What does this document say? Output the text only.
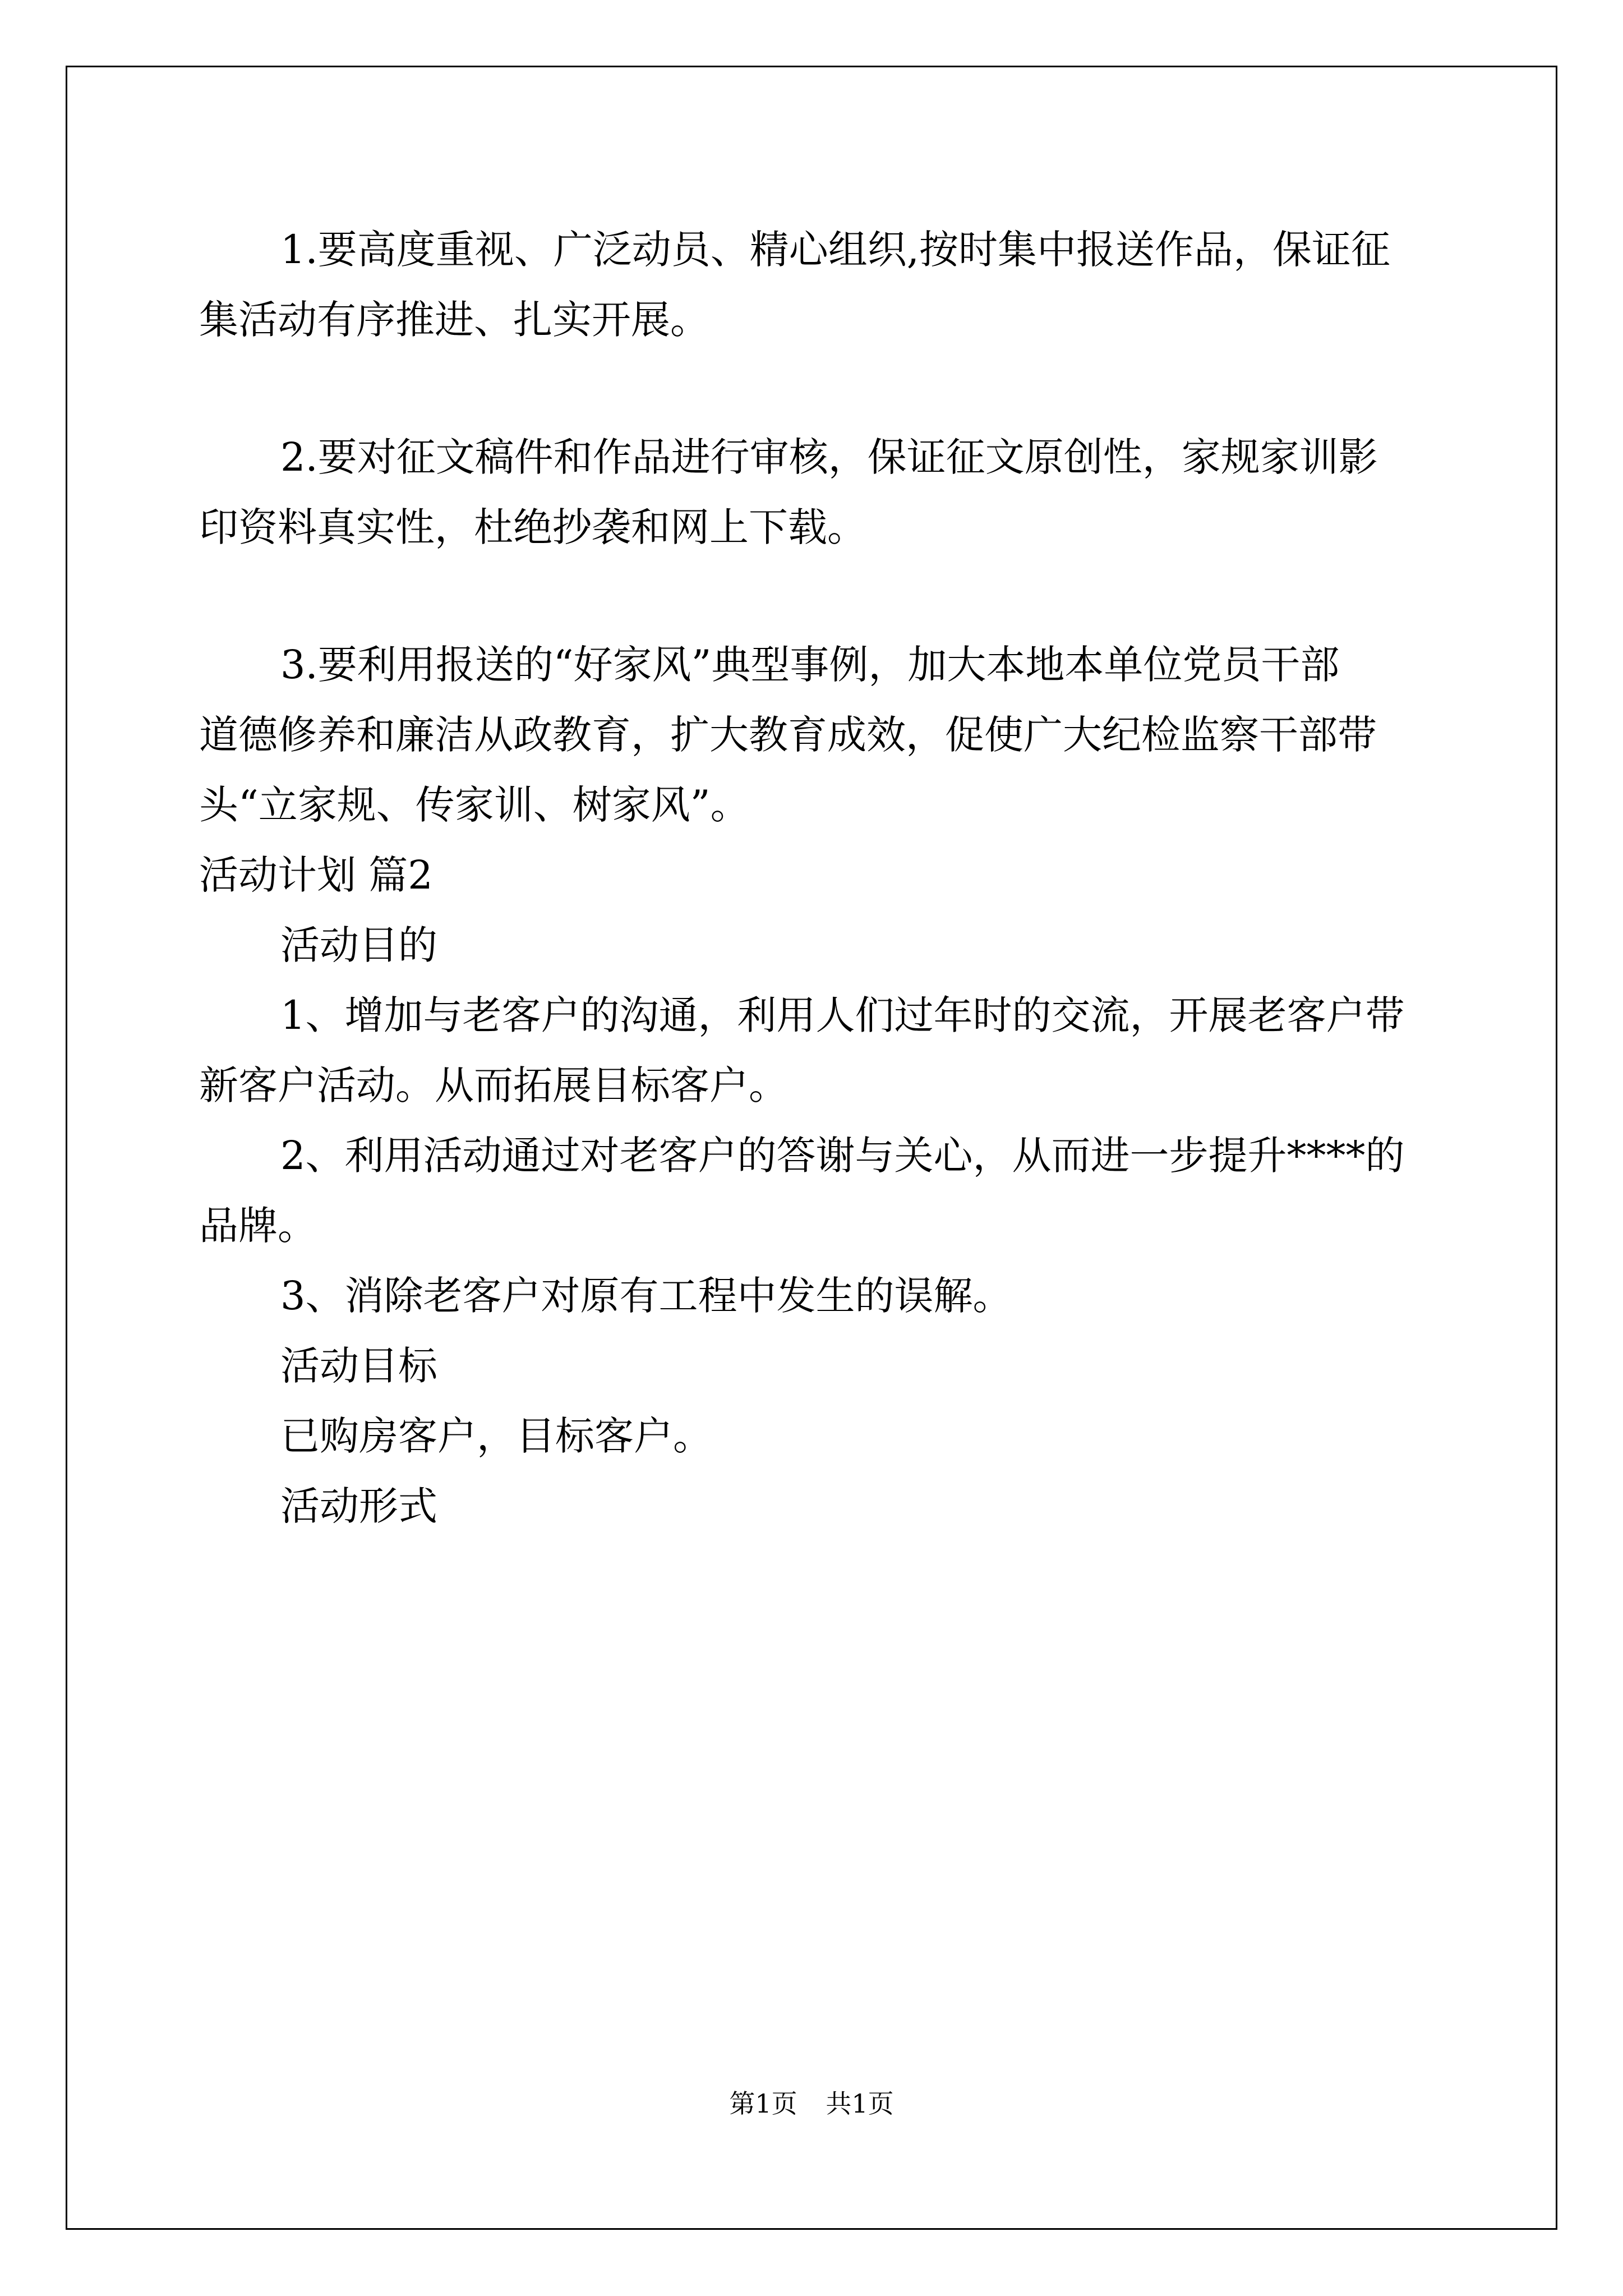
1.要高度重视、广泛动员、精心组织,按时集中报送作品，保证征
集活动有序推进、扎实开展。
2.要对征文稿件和作品进行审核，保证征文原创性，家规家训影
印资料真实性，杜绝抄袭和网上下载。
3.要利用报送的“好家风”典型事例，加大本地本单位党员干部
道德修养和廉洁从政教育，扩大教育成效，促使广大纪检监察干部带
头“立家规、传家训、树家风”。
活动计划 篇2
活动目的
1、增加与老客户的沟通，利用人们过年时的交流，开展老客户带
新客户活动。从而拓展目标客户。
2、利用活动通过对老客户的答谢与关心，从而进一步提升****的
品牌。
3、消除老客户对原有工程中发生的误解。
活动目标
已购房客户，目标客户。
活动形式
第1页 共1页
